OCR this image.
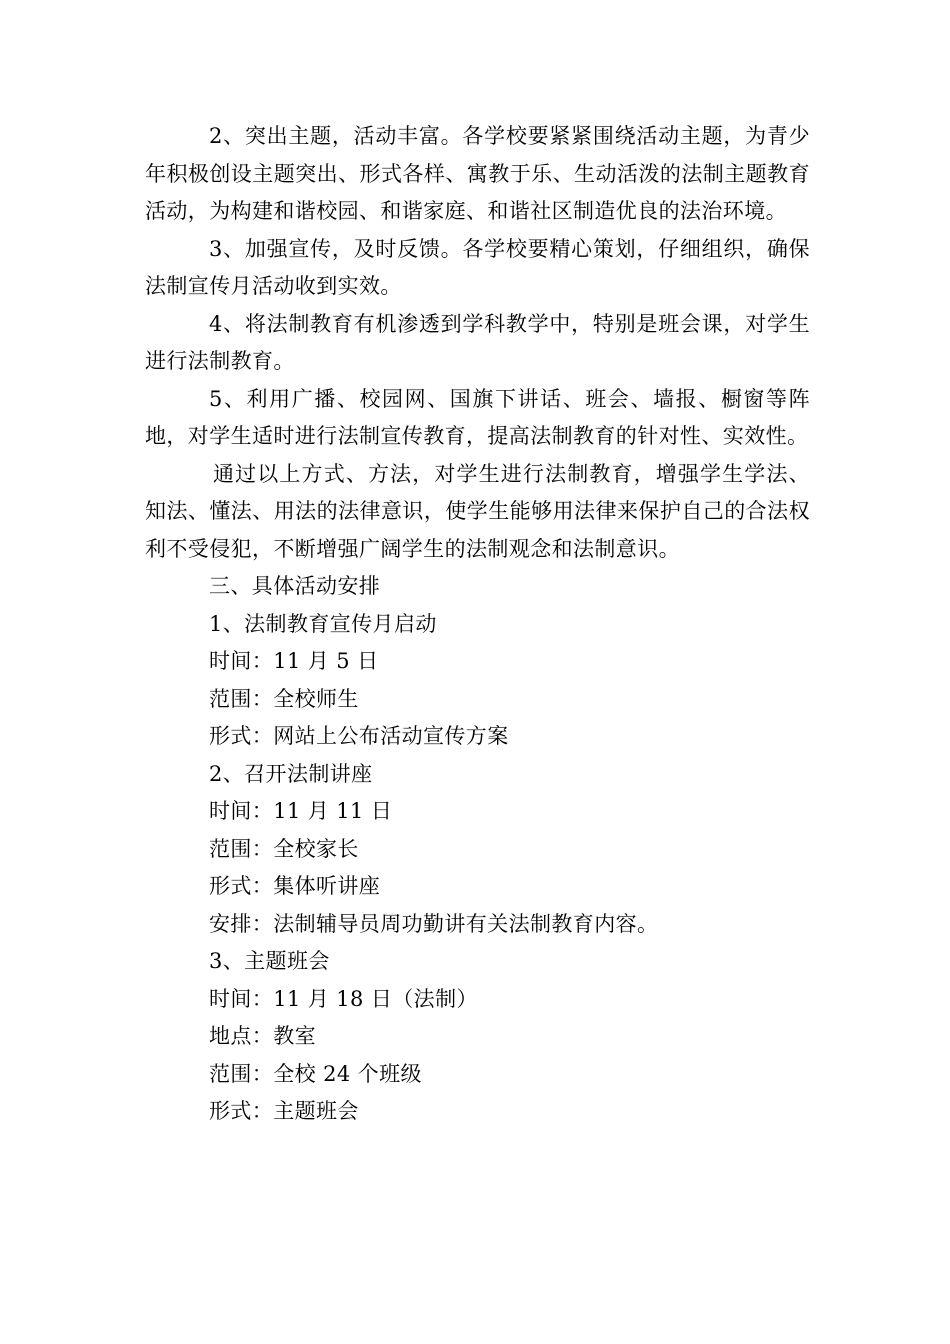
2、突出主题，活动丰富。各学校要紧紧围绕活动主题，为青少年积极创设主题突出、形式各样、寓教于乐、生动活泼的法制主题教育活动，为构建和谐校园、和谐家庭、和谐社区制造优良的法治环境。

3、加强宣传，及时反馈。各学校要精心策划，仔细组织，确保法制宣传月活动收到实效。

4、将法制教育有机渗透到学科教学中，特别是班会课，对学生进行法制教育。

5、利用广播、校园网、国旗下讲话、班会、墙报、橱窗等阵地，对学生适时进行法制宣传教育，提高法制教育的针对性、实效性。

通过以上方式、方法，对学生进行法制教育，增强学生学法、知法、懂法、用法的法律意识，使学生能够用法律来保护自己的合法权利不受侵犯，不断增强广阔学生的法制观念和法制意识。

三、具体活动安排

1、法制教育宣传月启动

时间：11 月 5 日

范围：全校师生

形式：网站上公布活动宣传方案

2、召开法制讲座

时间：11 月 11 日

范围：全校家长

形式：集体听讲座

安排：法制辅导员周功勤讲有关法制教育内容。

3、主题班会

时间：11 月 18 日（法制）

地点：教室

范围：全校 24 个班级

形式：主题班会
